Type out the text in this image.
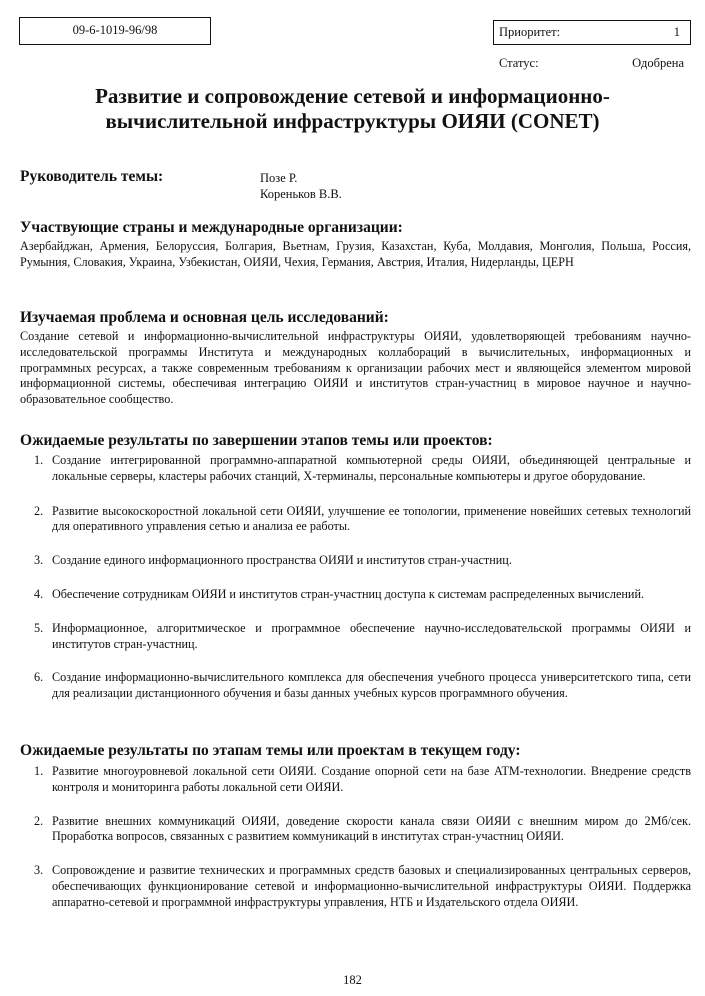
09-6-1019-96/98	Приоритет:	1
Статус:	Одобрена
Развитие и сопровождение сетевой и информационно-вычислительной инфраструктуры ОИЯИ (CONET)
Руководитель темы:	Позе Р.
Кореньков В.В.
Участвующие страны и международные организации:

Азербайджан, Армения, Белоруссия, Болгария, Вьетнам, Грузия, Казахстан, Куба, Молдавия, Монголия, Польша, Россия, Румыния, Словакия, Украина, Узбекистан, ОИЯИ, Чехия, Германия, Австрия, Италия, Нидерланды, ЦЕРН

Изучаемая проблема и основная цель исследований:

Создание сетевой и информационно-вычислительной инфраструктуры ОИЯИ, удовлетворяющей требованиям научно-исследовательской программы Института и международных коллабораций в вычислительных, информационных и программных ресурсах, а также современным требованиям к организации рабочих мест и являющейся элементом мировой информационной системы, обеспечивая интеграцию ОИЯИ и институтов стран-участниц в мировое научное и научно-образовательное сообщество.

Ожидаемые результаты по завершении этапов темы или проектов:
1. Создание интегрированной программно-аппаратной компьютерной среды ОИЯИ, объединяющей центральные и локальные серверы, кластеры рабочих станций, X-терминалы, персональные компьютеры и другое оборудование.
2. Развитие высокоскоростной локальной сети ОИЯИ, улучшение ее топологии, применение новейших сетевых технологий для оперативного управления сетью и анализа ее работы.
3. Создание единого информационного пространства ОИЯИ и институтов стран-участниц.
4. Обеспечение сотрудникам ОИЯИ и институтов стран-участниц доступа к системам распределенных вычислений.
5. Информационное, алгоритмическое и программное обеспечение научно-исследовательской программы ОИЯИ и институтов стран-участниц.
6. Создание информационно-вычислительного комплекса для обеспечения учебного процесса университетского типа, сети для реализации дистанционного обучения и базы данных учебных курсов программного обучения.
Ожидаемые результаты по этапам темы или проектам в текущем году:
1. Развитие многоуровневой локальной сети ОИЯИ. Создание опорной сети на базе ATM-технологии. Внедрение средств контроля и мониторинга работы локальной сети ОИЯИ.
2. Развитие внешних коммуникаций ОИЯИ, доведение скорости канала связи ОИЯИ с внешним миром до 2Мб/сек. Проработка вопросов, связанных с развитием коммуникаций в институтах стран-участниц ОИЯИ.
3. Сопровождение и развитие технических и программных средств базовых и специализированных центральных серверов, обеспечивающих функционирование сетевой и информационно-вычислительной инфраструктуры ОИЯИ. Поддержка аппаратно-сетевой и программной инфраструктуры управления, НТБ и Издательского отдела ОИЯИ.
182
